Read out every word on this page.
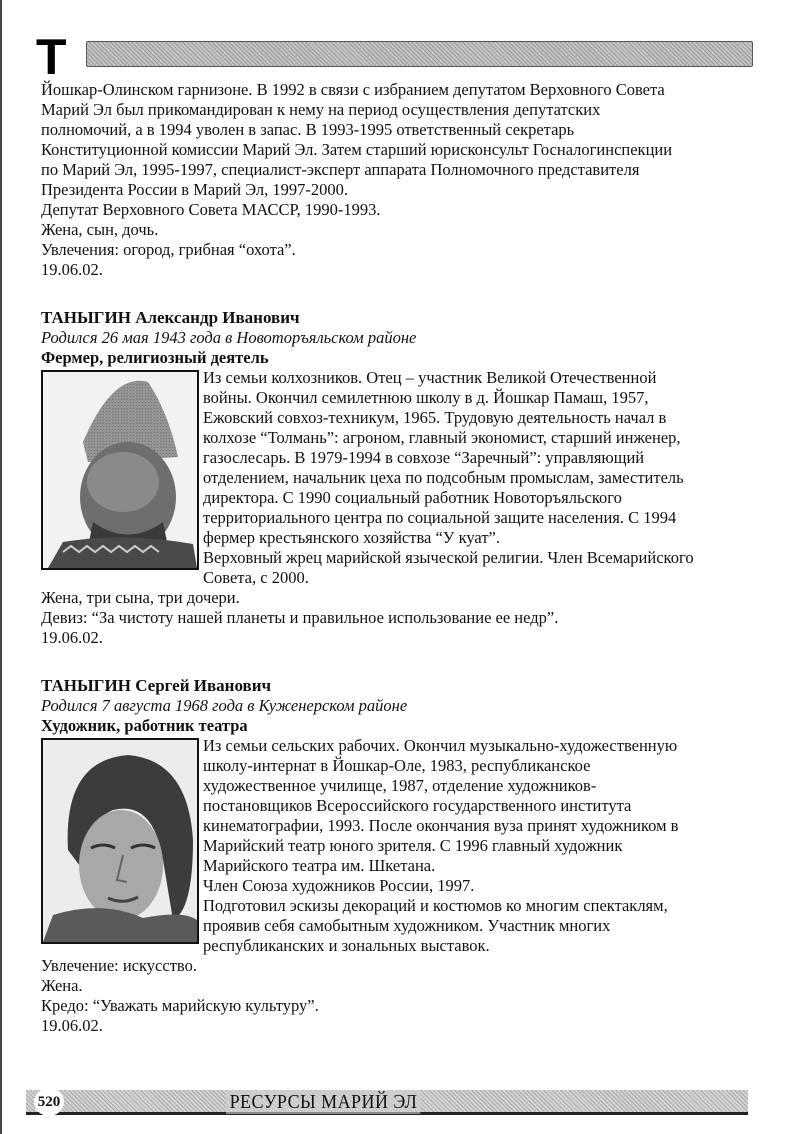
Т

Йошкар-Олинском гарнизоне. В 1992 в связи с избранием депутатом Верховного Совета

Марий Эл был прикомандирован к нему на период осуществления депутатских

полномочий, а в 1994 уволен в запас. В 1993-1995 ответственный секретарь

Конституционной комиссии Марий Эл. Затем старший юрисконсульт Госналогинспекции

по Марий Эл, 1995-1997, специалист-эксперт аппарата Полномочного представителя

Президента России в Марий Эл, 1997-2000.

Депутат Верховного Совета МАССР, 1990-1993.

Жена, сын, дочь.

Увлечения: огород, грибная “охота”.

19.06.02.

ТАНЫГИН Александр Иванович

Родился 26 мая 1943 года в Новоторъяльском районе

Фермер, религиозный деятель

Из семьи колхозников. Отец – участник Великой Отечественной

войны. Окончил семилетнюю школу в д. Йошкар Памаш, 1957,

Ежовский совхоз-техникум, 1965. Трудовую деятельность начал в

колхозе “Толмань”: агроном, главный экономист, старший инженер,

газослесарь. В 1979-1994 в совхозе “Заречный”: управляющий

отделением, начальник цеха по подсобным промыслам, заместитель

директора. С 1990 социальный работник Новоторъяльского

территориального центра по социальной защите населения. С 1994

фермер крестьянского хозяйства “У куат”.

Верховный жрец марийской языческой религии. Член Всемарийского

Совета, с 2000.

Жена, три сына, три дочери.

Девиз: “За чистоту нашей планеты и правильное использование ее недр”.

19.06.02.

ТАНЫГИН Сергей Иванович

Родился 7 августа 1968 года в Куженерском районе

Художник, работник театра

Из семьи сельских рабочих. Окончил музыкально-художественную

школу-интернат в Йошкар-Оле, 1983, республиканское

художественное училище, 1987, отделение художников-

постановщиков Всероссийского государственного института

кинематографии, 1993. После окончания вуза принят художником в

Марийский театр юного зрителя. С 1996 главный художник

Марийского театра им. Шкетана.

Член Союза художников России, 1997.

Подготовил эскизы декораций и костюмов ко многим спектаклям,

проявив себя самобытным художником. Участник многих

республиканских и зональных выставок.

Увлечение: искусство.

Жена.

Кредо: “Уважать марийскую культуру”.

19.06.02.

520	РЕСУРСЫ МАРИЙ ЭЛ
